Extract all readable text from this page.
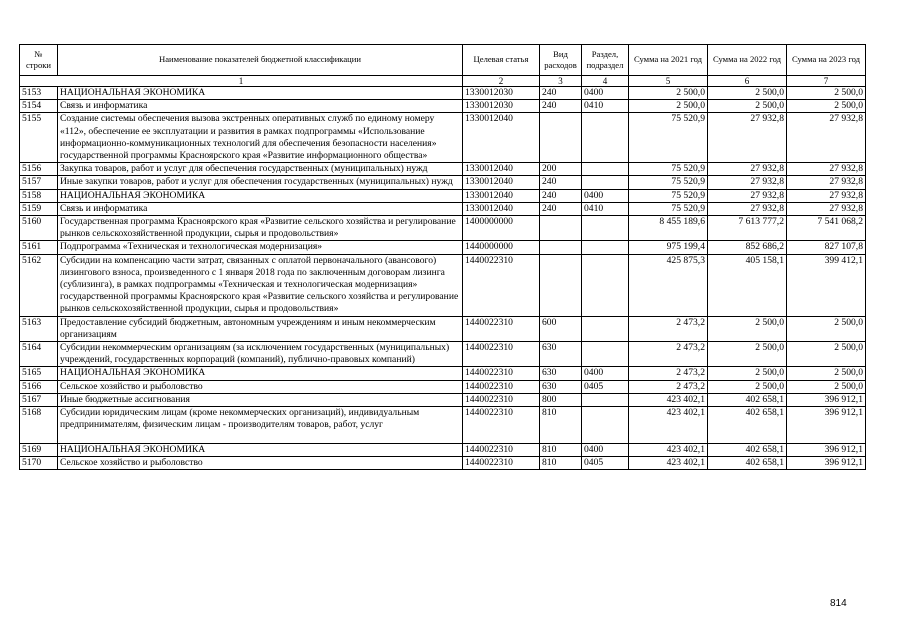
№ строки	Наименование показателей бюджетной классификации	Целевая статья	Вид расходов	Раздел, подраздел	Сумма на 2021 год	Сумма на 2022 год	Сумма на 2023 год
1		2	3	4	5	6	7
5153	НАЦИОНАЛЬНАЯ ЭКОНОМИКА	1330012030	240	0400	2 500,0	2 500,0	2 500,0
5154	Связь и информатика	1330012030	240	0410	2 500,0	2 500,0	2 500,0
5155	Создание системы обеспечения вызова экстренных оперативных служб по единому номеру «112», обеспечение ее эксплуатации и развития в рамках подпрограммы «Использование информационно-коммуникационных технологий для обеспечения безопасности населения» государственной программы Красноярского края «Развитие информационного общества»	1330012040			75 520,9	27 932,8	27 932,8
5156	Закупка товаров, работ и услуг для обеспечения государственных (муниципальных) нужд	1330012040	200		75 520,9	27 932,8	27 932,8
5157	Иные закупки товаров, работ и услуг для обеспечения государственных (муниципальных) нужд	1330012040	240		75 520,9	27 932,8	27 932,8
5158	НАЦИОНАЛЬНАЯ ЭКОНОМИКА	1330012040	240	0400	75 520,9	27 932,8	27 932,8
5159	Связь и информатика	1330012040	240	0410	75 520,9	27 932,8	27 932,8
5160	Государственная программа Красноярского края «Развитие сельского хозяйства и регулирование рынков сельскохозяйственной продукции, сырья и продовольствия»	1400000000			8 455 189,6	7 613 777,2	7 541 068,2
5161	Подпрограмма «Техническая и технологическая модернизация»	1440000000			975 199,4	852 686,2	827 107,8
5162	Субсидии на компенсацию части затрат, связанных с оплатой первоначального (авансового) лизингового взноса, произведенного с 1 января 2018 года по заключенным договорам лизинга (сублизинга), в рамках подпрограммы «Техническая и технологическая модернизация» государственной программы Красноярского края «Развитие сельского хозяйства и регулирование рынков сельскохозяйственной продукции, сырья и продовольствия»	1440022310			425 875,3	405 158,1	399 412,1
5163	Предоставление субсидий бюджетным, автономным учреждениям и иным некоммерческим организациям	1440022310	600		2 473,2	2 500,0	2 500,0
5164	Субсидии некоммерческим организациям (за исключением государственных (муниципальных) учреждений, государственных корпораций (компаний), публично-правовых компаний)	1440022310	630		2 473,2	2 500,0	2 500,0
5165	НАЦИОНАЛЬНАЯ ЭКОНОМИКА	1440022310	630	0400	2 473,2	2 500,0	2 500,0
5166	Сельское хозяйство и рыболовство	1440022310	630	0405	2 473,2	2 500,0	2 500,0
5167	Иные бюджетные ассигнования	1440022310	800		423 402,1	402 658,1	396 912,1
5168	Субсидии юридическим лицам (кроме некоммерческих организаций), индивидуальным предпринимателям, физическим лицам - производителям товаров, работ, услуг	1440022310	810		423 402,1	402 658,1	396 912,1
5169	НАЦИОНАЛЬНАЯ ЭКОНОМИКА	1440022310	810	0400	423 402,1	402 658,1	396 912,1
5170	Сельское хозяйство и рыболовство	1440022310	810	0405	423 402,1	402 658,1	396 912,1
814
